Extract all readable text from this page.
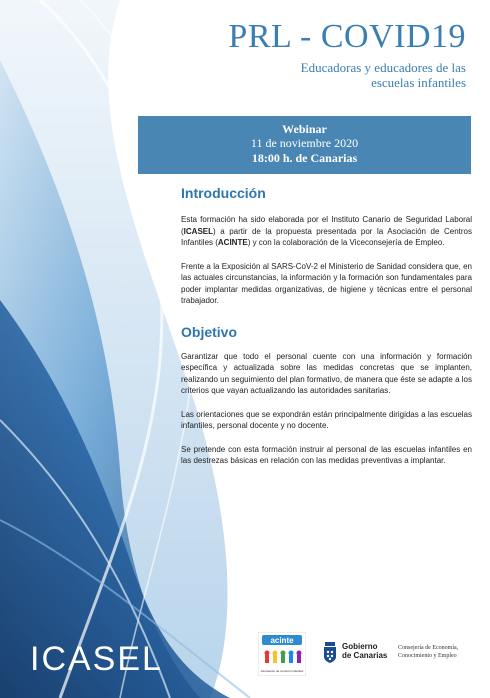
PRL - COVID19
Educadoras y educadores de las
escuelas infantiles
Webinar
11 de noviembre 2020
18:00 h. de Canarias
Introducción

Esta formación ha sido elaborada por el Instituto Canario de Seguridad Laboral (ICASEL) a partir de la propuesta presentada por la Asociación de Centros Infantiles (ACINTE) y con la colaboración de la Viceconsejería de Empleo.

Frente a la Exposición al SARS-CoV-2 el Ministerio de Sanidad considera que, en las actuales circunstancias, la información y la formación son fundamentales para poder implantar medidas organizativas, de higiene y técnicas entre el personal trabajador.

Objetivo

Garantizar que todo el personal cuente con una información y formación específica y actualizada sobre las medidas concretas que se implanten, realizando un seguimiento del plan formativo, de manera que éste se adapte a los criterios que vayan actualizando las autoridades sanitarias.

Las orientaciones que se expondrán están principalmente dirigidas a las escuelas infantiles, personal docente y no docente.

Se pretende con esta formación instruir al personal de las escuelas infantiles en las destrezas básicas en relación con las medidas preventivas a implantar.

ICASEL	acinte
Asociación de Centros Infantiles
Gobierno
de Canarias
Consejería de Economía,
Conocimiento y Empleo
